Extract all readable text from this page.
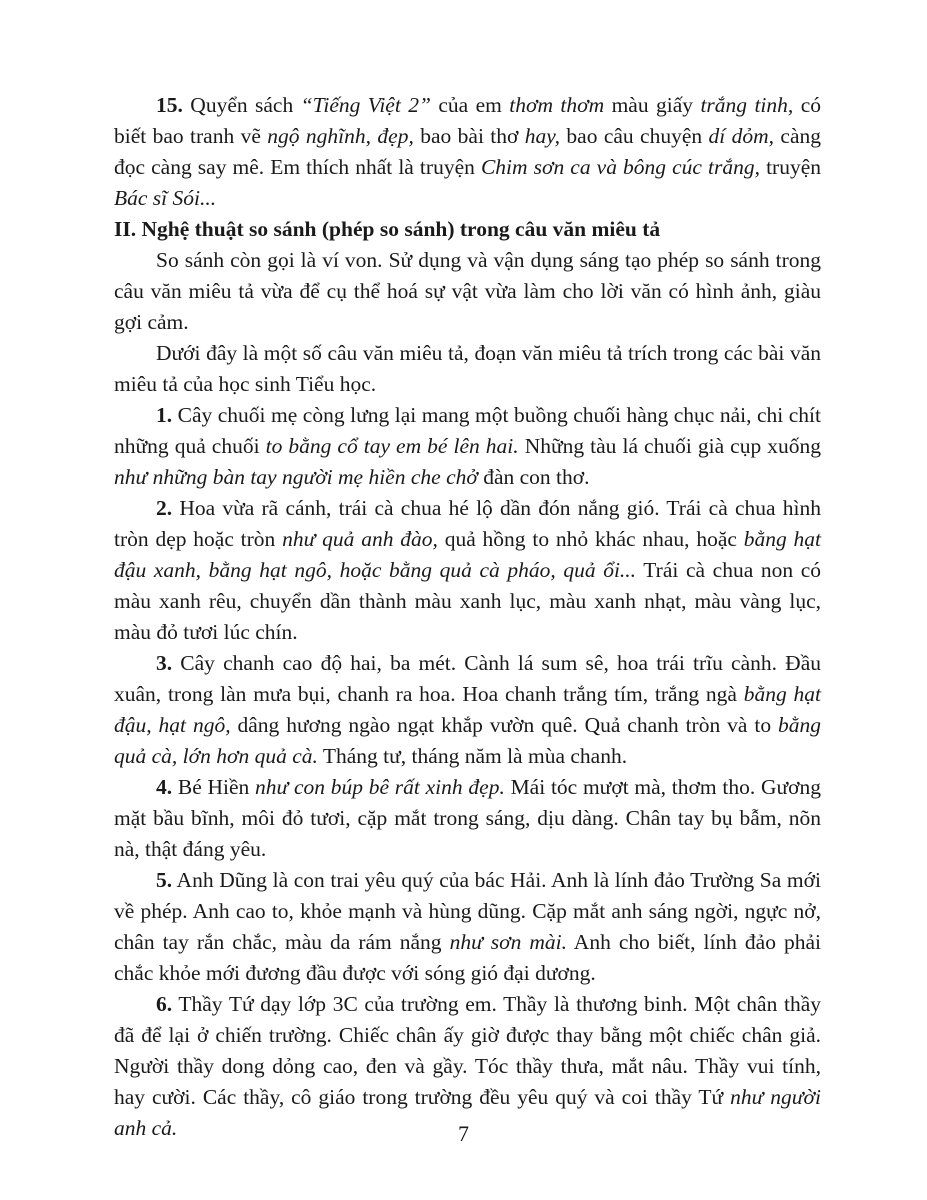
15. Quyển sách “Tiếng Việt 2” của em thơm thơm màu giấy trắng tinh, có biết bao tranh vẽ ngộ nghĩnh, đẹp, bao bài thơ hay, bao câu chuyện dí dỏm, càng đọc càng say mê. Em thích nhất là truyện Chim sơn ca và bông cúc trắng, truyện Bác sĩ Sói...

II. Nghệ thuật so sánh (phép so sánh) trong câu văn miêu tả

So sánh còn gọi là ví von. Sử dụng và vận dụng sáng tạo phép so sánh trong câu văn miêu tả vừa để cụ thể hoá sự vật vừa làm cho lời văn có hình ảnh, giàu gợi cảm.

Dưới đây là một số câu văn miêu tả, đoạn văn miêu tả trích trong các bài văn miêu tả của học sinh Tiểu học.

1. Cây chuối mẹ còng lưng lại mang một buồng chuối hàng chục nải, chi chít những quả chuối to bằng cổ tay em bé lên hai. Những tàu lá chuối già cụp xuống như những bàn tay người mẹ hiền che chở đàn con thơ.

2. Hoa vừa rã cánh, trái cà chua hé lộ dần đón nắng gió. Trái cà chua hình tròn dẹp hoặc tròn như quả anh đào, quả hồng to nhỏ khác nhau, hoặc bằng hạt đậu xanh, bằng hạt ngô, hoặc bằng quả cà pháo, quả ổi... Trái cà chua non có màu xanh rêu, chuyển dần thành màu xanh lục, màu xanh nhạt, màu vàng lục, màu đỏ tươi lúc chín.

3. Cây chanh cao độ hai, ba mét. Cành lá sum sê, hoa trái trĩu cành. Đầu xuân, trong làn mưa bụi, chanh ra hoa. Hoa chanh trắng tím, trắng ngà bằng hạt đậu, hạt ngô, dâng hương ngào ngạt khắp vườn quê. Quả chanh tròn và to bằng quả cà, lớn hơn quả cà. Tháng tư, tháng năm là mùa chanh.

4. Bé Hiền như con búp bê rất xinh đẹp. Mái tóc mượt mà, thơm tho. Gương mặt bầu bĩnh, môi đỏ tươi, cặp mắt trong sáng, dịu dàng. Chân tay bụ bẫm, nõn nà, thật đáng yêu.

5. Anh Dũng là con trai yêu quý của bác Hải. Anh là lính đảo Trường Sa mới về phép. Anh cao to, khỏe mạnh và hùng dũng. Cặp mắt anh sáng ngời, ngực nở, chân tay rắn chắc, màu da rám nắng như sơn mài. Anh cho biết, lính đảo phải chắc khỏe mới đương đầu được với sóng gió đại dương.

6. Thầy Tứ dạy lớp 3C của trường em. Thầy là thương binh. Một chân thầy đã để lại ở chiến trường. Chiếc chân ấy giờ được thay bằng một chiếc chân giả. Người thầy dong dỏng cao, đen và gầy. Tóc thầy thưa, mắt nâu. Thầy vui tính, hay cười. Các thầy, cô giáo trong trường đều yêu quý và coi thầy Tứ như người anh cả.	7
